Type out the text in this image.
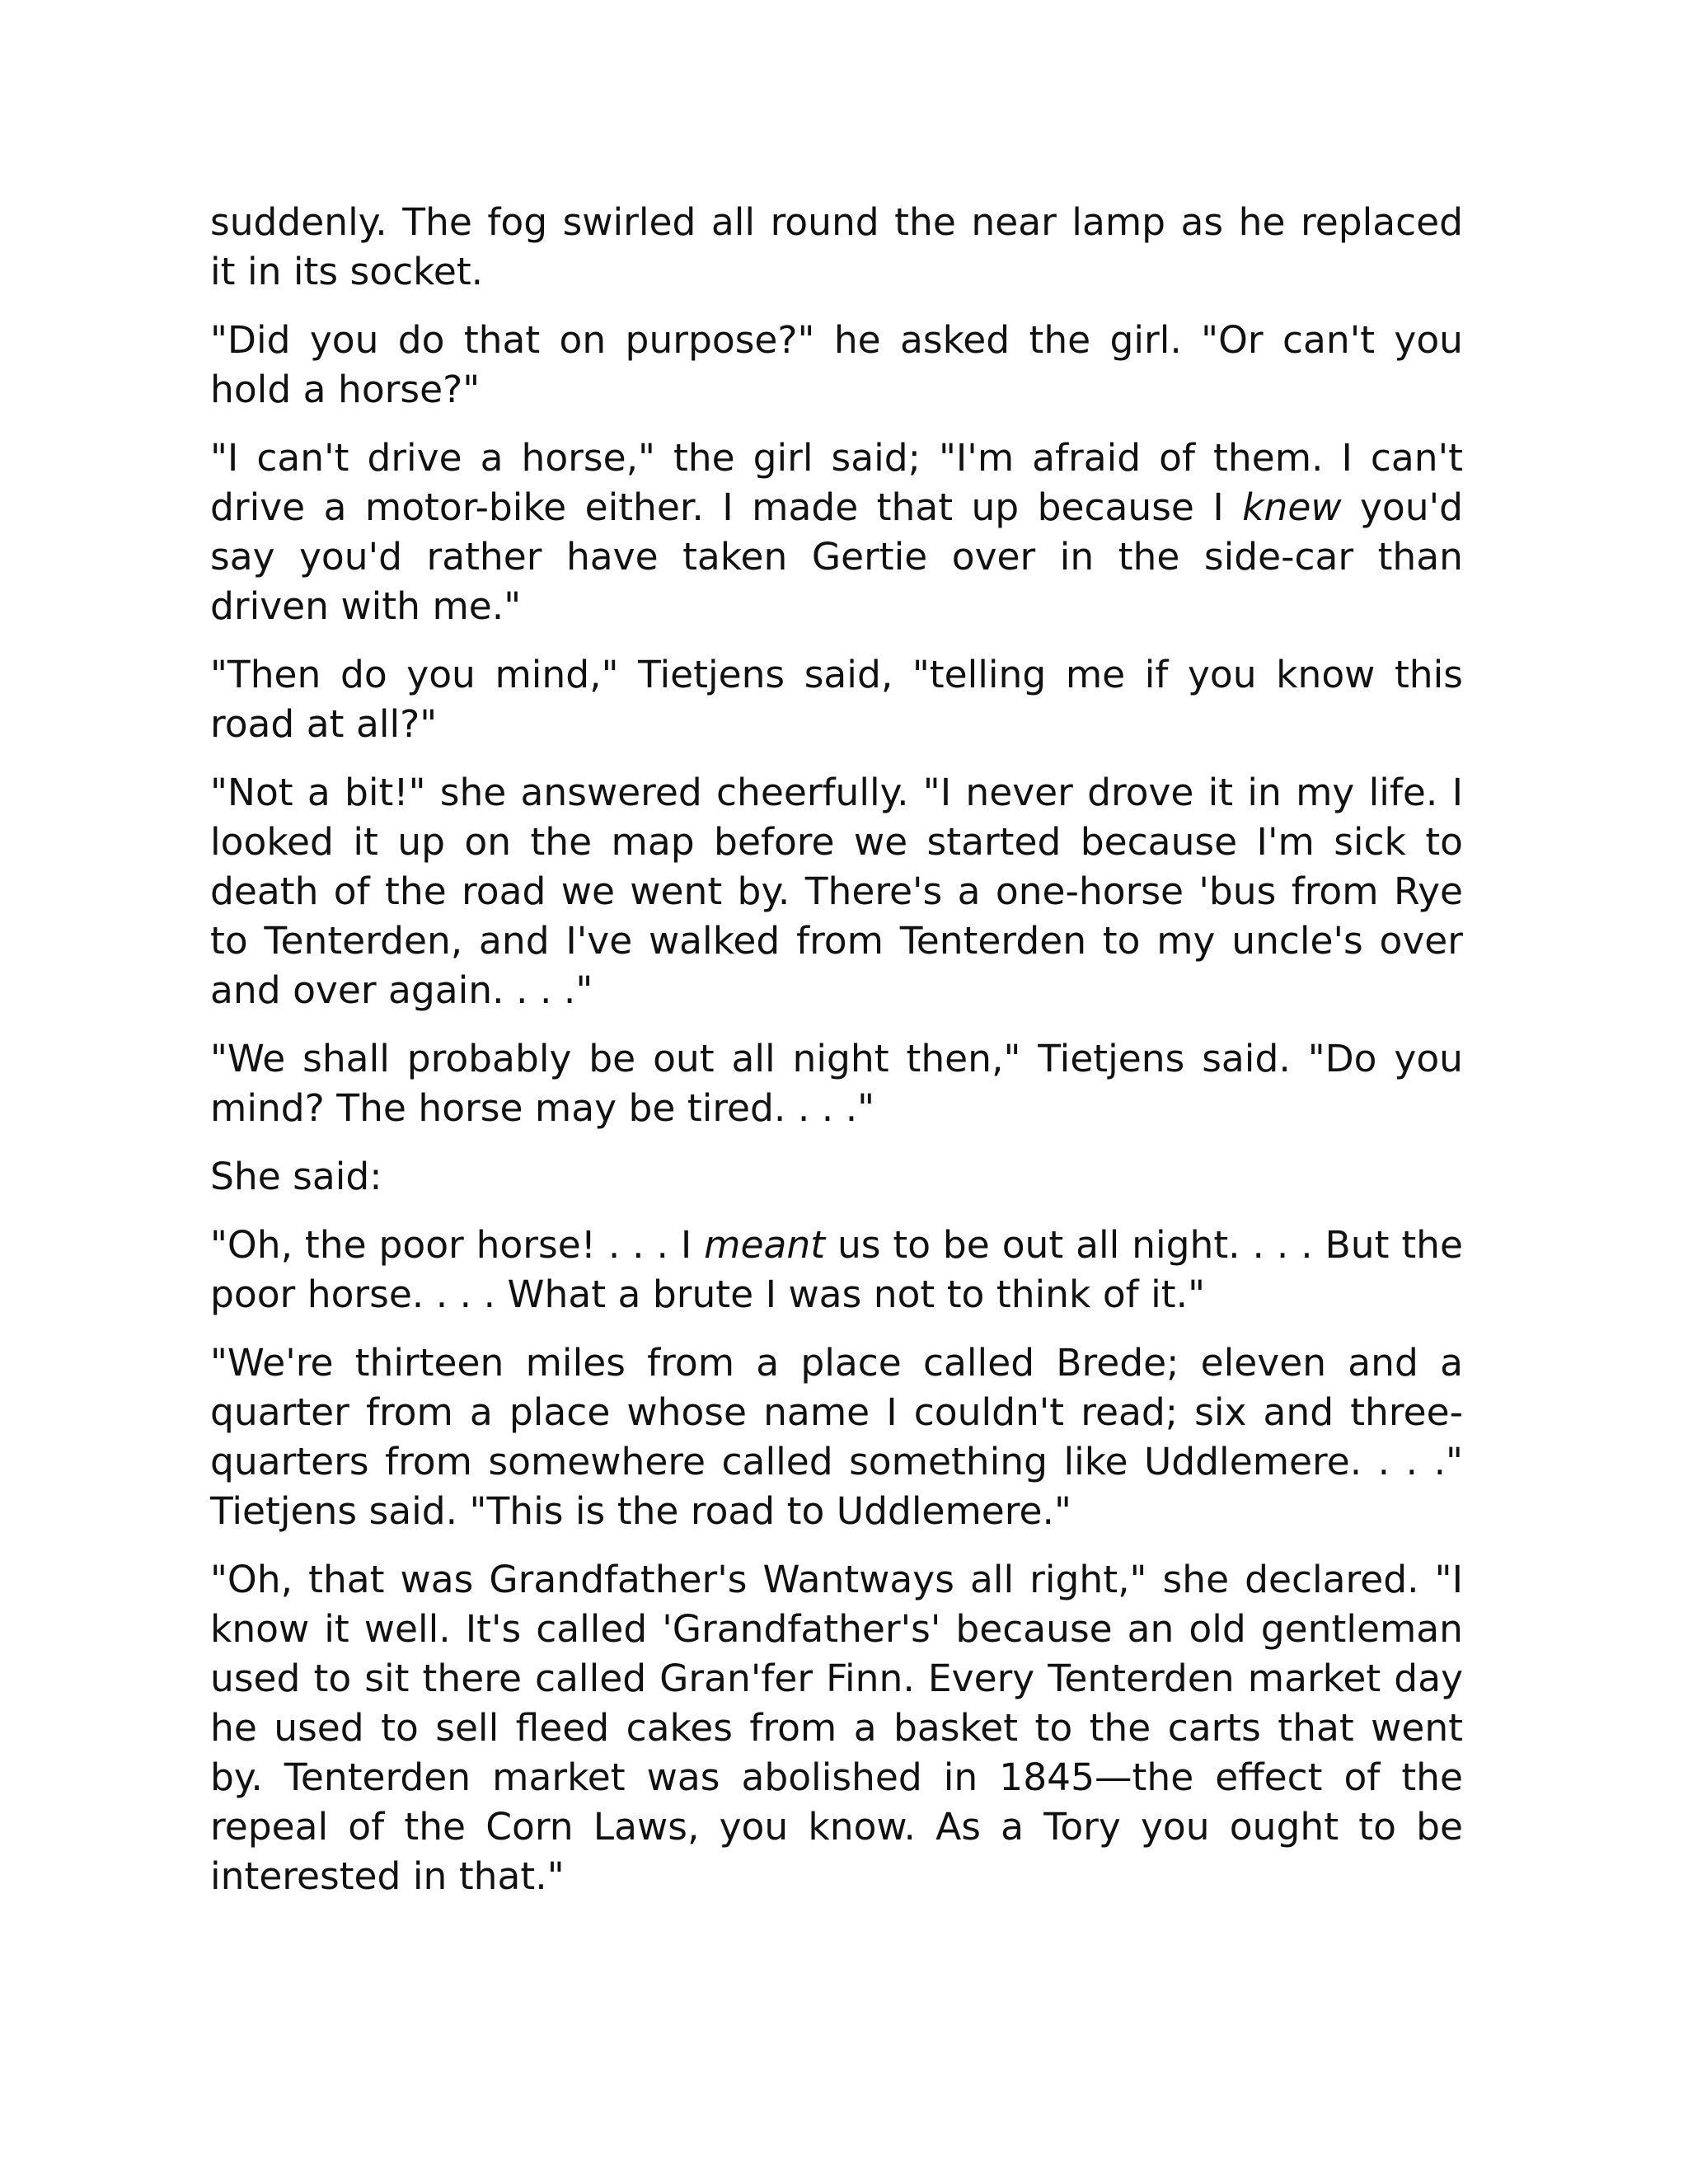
suddenly. The fog swirled all round the near lamp as he replaced it in its socket.

"Did you do that on purpose?" he asked the girl. "Or can't you hold a horse?"

"I can't drive a horse," the girl said; "I'm afraid of them. I can't drive a motor-bike either. I made that up because I knew you'd say you'd rather have taken Gertie over in the side-car than driven with me."

"Then do you mind," Tietjens said, "telling me if you know this road at all?"

"Not a bit!" she answered cheerfully. "I never drove it in my life. I looked it up on the map before we started because I'm sick to death of the road we went by. There's a one-horse 'bus from Rye to Tenterden, and I've walked from Tenterden to my uncle's over and over again. . . ."

"We shall probably be out all night then," Tietjens said. "Do you mind? The horse may be tired. . . ."

She said:

"Oh, the poor horse! . . . I meant us to be out all night. . . . But the poor horse. . . . What a brute I was not to think of it."

"We're thirteen miles from a place called Brede; eleven and a quarter from a place whose name I couldn't read; six and three-quarters from somewhere called something like Uddlemere. . . ." Tietjens said. "This is the road to Uddlemere."

"Oh, that was Grandfather's Wantways all right," she declared. "I know it well. It's called 'Grandfather's' because an old gentleman used to sit there called Gran'fer Finn. Every Tenterden market day he used to sell fleed cakes from a basket to the carts that went by. Tenterden market was abolished in 1845—the effect of the repeal of the Corn Laws, you know. As a Tory you ought to be interested in that."
